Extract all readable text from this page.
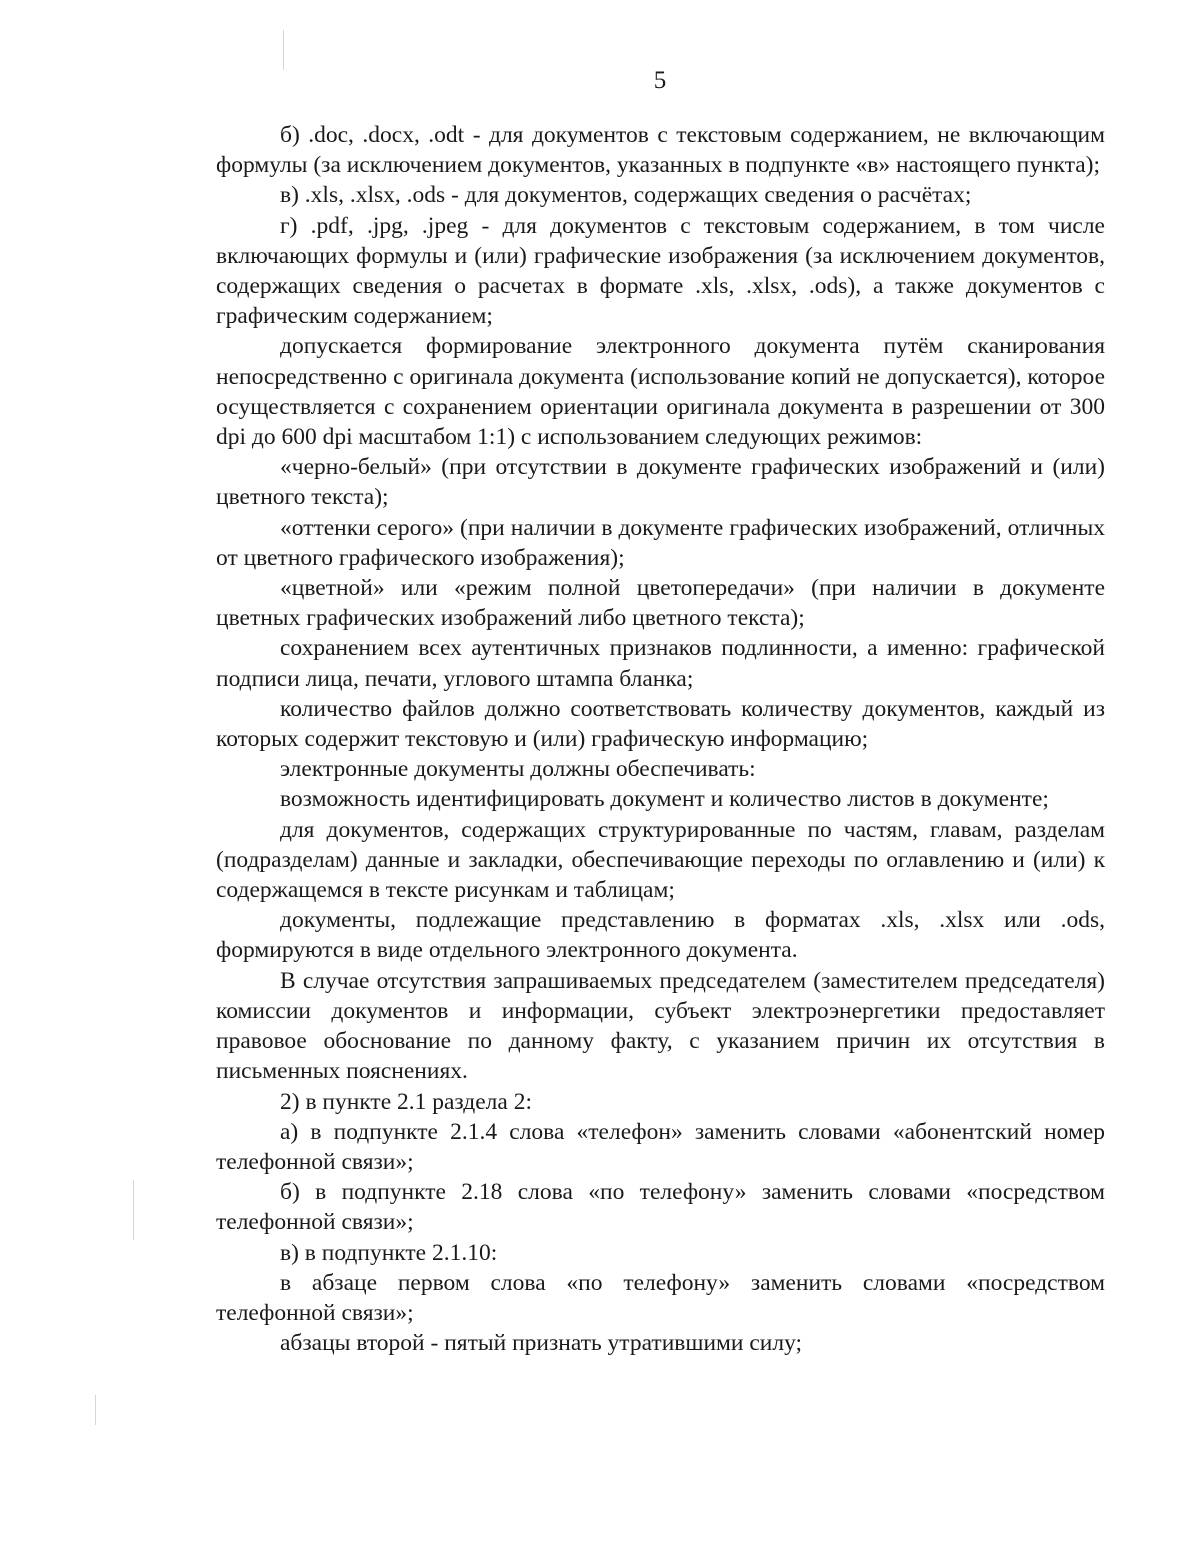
5

б) .doc, .docx, .odt - для документов с текстовым содержанием, не включающим формулы (за исключением документов, указанных в подпункте «в» настоящего пункта);

в) .xls, .xlsx, .ods - для документов, содержащих сведения о расчётах;

г) .pdf, .jpg, .jpeg - для документов с текстовым содержанием, в том числе включающих формулы и (или) графические изображения (за исключением документов, содержащих сведения о расчетах в формате .xls, .xlsx, .ods), а также документов с графическим содержанием;

допускается формирование электронного документа путём сканирования непосредственно с оригинала документа (использование копий не допускается), которое осуществляется с сохранением ориентации оригинала документа в разрешении от 300 dpi до 600 dpi масштабом 1:1) с использованием следующих режимов:

«черно-белый» (при отсутствии в документе графических изображений и (или) цветного текста);

«оттенки серого» (при наличии в документе графических изображений, отличных от цветного графического изображения);

«цветной» или «режим полной цветопередачи» (при наличии в документе цветных графических изображений либо цветного текста);

сохранением всех аутентичных признаков подлинности, а именно: графической подписи лица, печати, углового штампа бланка;

количество файлов должно соответствовать количеству документов, каждый из которых содержит текстовую и (или) графическую информацию;

электронные документы должны обеспечивать:

возможность идентифицировать документ и количество листов в документе;

для документов, содержащих структурированные по частям, главам, разделам (подразделам) данные и закладки, обеспечивающие переходы по оглавлению и (или) к содержащемся в тексте рисункам и таблицам;

документы, подлежащие представлению в форматах .xls, .xlsx или .ods, формируются в виде отдельного электронного документа.

В случае отсутствия запрашиваемых председателем (заместителем председателя) комиссии документов и информации, субъект электроэнергетики предоставляет правовое обоснование по данному факту, с указанием причин их отсутствия в письменных пояснениях.

2) в пункте 2.1 раздела 2:

а) в подпункте 2.1.4 слова «телефон» заменить словами «абонентский номер телефонной связи»;

б) в подпункте 2.18 слова «по телефону» заменить словами «посредством телефонной связи»;

в) в подпункте 2.1.10:

в абзаце первом слова «по телефону» заменить словами «посредством телефонной связи»;

абзацы второй - пятый признать утратившими силу;
